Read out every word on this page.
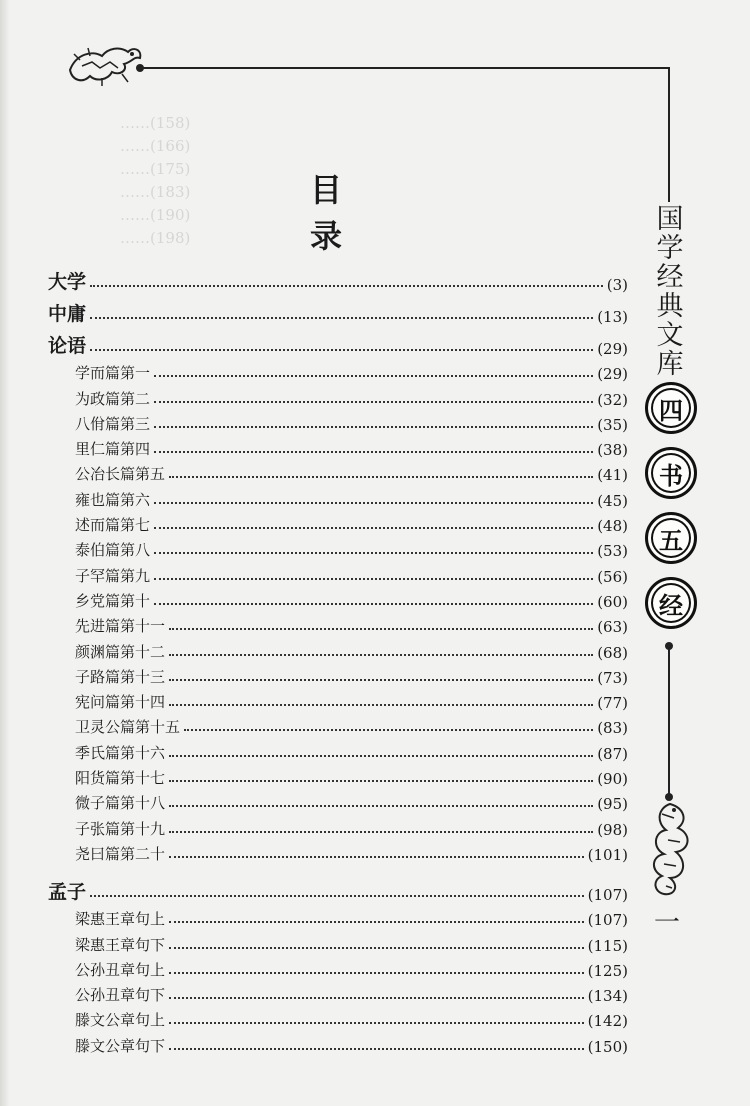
……(158)
……(166)
……(175)
……(183)
……(190)
……(198)
目 录
大学	(3)
中庸	(13)
论语	(29)
学而篇第一	(29)
为政篇第二	(32)
八佾篇第三	(35)
里仁篇第四	(38)
公冶长篇第五	(41)
雍也篇第六	(45)
述而篇第七	(48)
泰伯篇第八	(53)
子罕篇第九	(56)
乡党篇第十	(60)
先进篇第十一	(63)
颜渊篇第十二	(68)
子路篇第十三	(73)
宪问篇第十四	(77)
卫灵公篇第十五	(83)
季氏篇第十六	(87)
阳货篇第十七	(90)
微子篇第十八	(95)
子张篇第十九	(98)
尧曰篇第二十	(101)
孟子	(107)
梁惠王章句上	(107)
梁惠王章句下	(115)
公孙丑章句上	(125)
公孙丑章句下	(134)
滕文公章句上	(142)
滕文公章句下	(150)
国
学
经
典
文
库
四
书
五
经
一
